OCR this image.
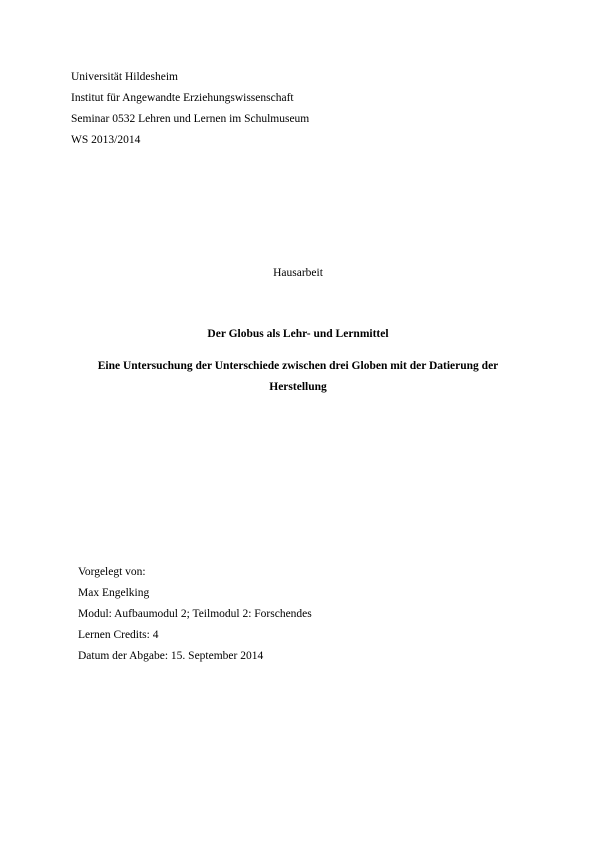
Universität Hildesheim
Institut für Angewandte Erziehungswissenschaft
Seminar 0532 Lehren und Lernen im Schulmuseum
WS 2013/2014
Hausarbeit
Der Globus als Lehr- und Lernmittel
Eine Untersuchung der Unterschiede zwischen drei Globen mit der Datierung der
Herstellung
Vorgelegt von:
Max Engelking
Modul: Aufbaumodul 2; Teilmodul 2: Forschendes
Lernen Credits: 4
Datum der Abgabe: 15. September 2014
